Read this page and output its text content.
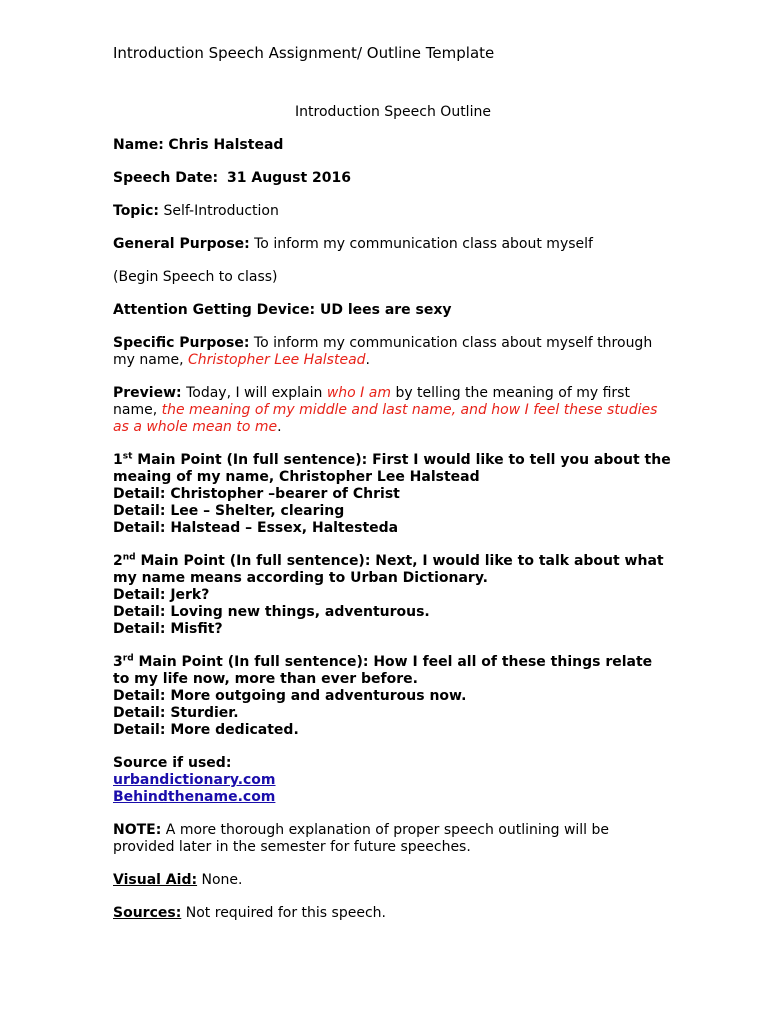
Introduction Speech Assignment/ Outline Template
Introduction Speech Outline
Name: Chris Halstead
Speech Date: 31 August 2016
Topic: Self-Introduction
General Purpose: To inform my communication class about myself
(Begin Speech to class)
Attention Getting Device: UD lees are sexy
Specific Purpose: To inform my communication class about myself through my name, Christopher Lee Halstead.
Preview: Today, I will explain who I am by telling the meaning of my first name, the meaning of my middle and last name, and how I feel these studies as a whole mean to me.
1st Main Point (In full sentence): First I would like to tell you about the meaing of my name, Christopher Lee Halstead
Detail: Christopher –bearer of Christ
Detail: Lee – Shelter, clearing
Detail: Halstead – Essex, Haltesteda
2nd Main Point (In full sentence): Next, I would like to talk about what my name means according to Urban Dictionary.
Detail: Jerk?
Detail: Loving new things, adventurous.
Detail: Misfit?
3rd Main Point (In full sentence): How I feel all of these things relate to my life now, more than ever before.
Detail: More outgoing and adventurous now.
Detail: Sturdier.
Detail: More dedicated.
Source if used:
urbandictionary.com
Behindthename.com
NOTE: A more thorough explanation of proper speech outlining will be provided later in the semester for future speeches.
Visual Aid: None.
Sources: Not required for this speech.
